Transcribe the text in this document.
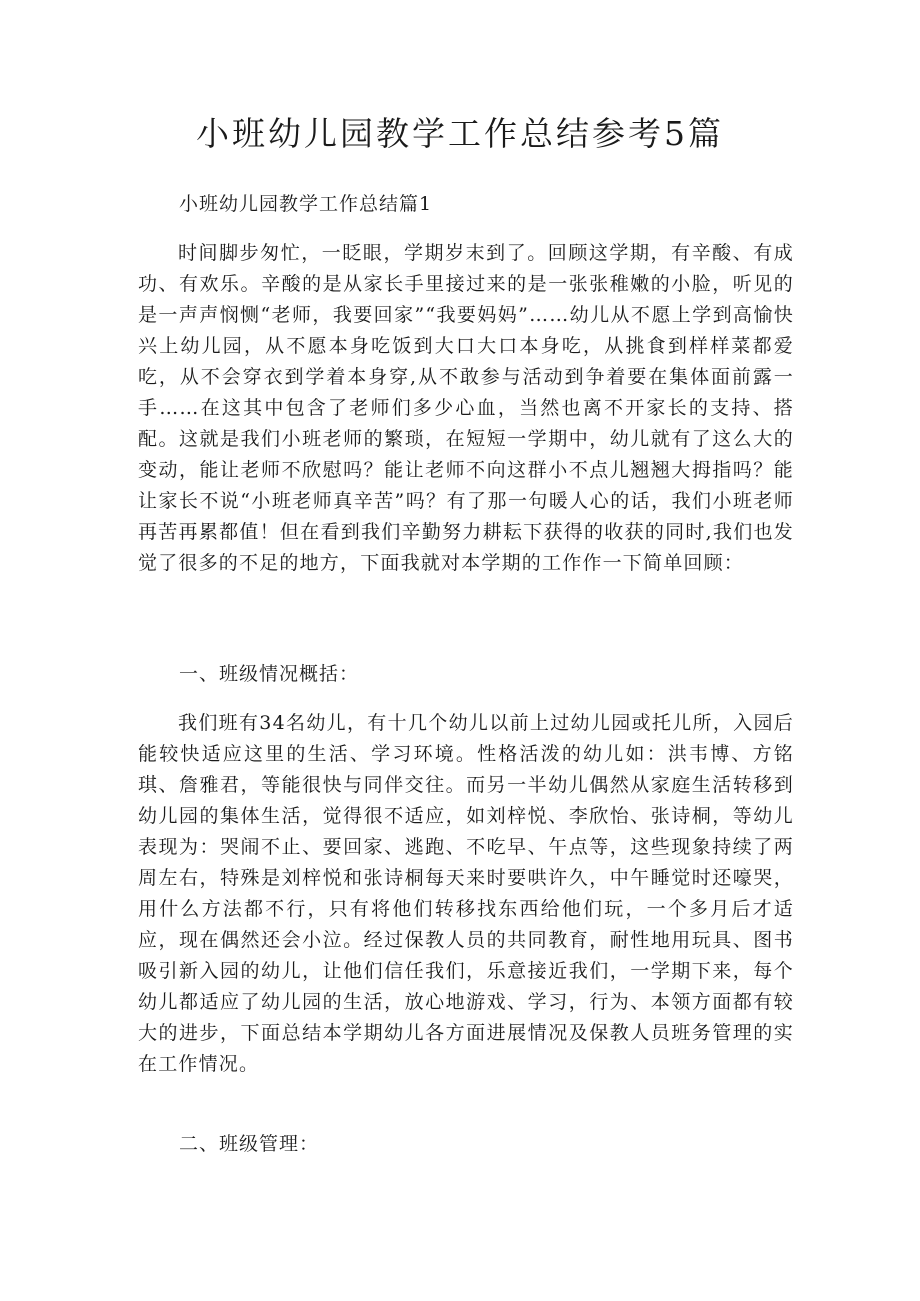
小班幼儿园教学工作总结参考5篇
小班幼儿园教学工作总结篇1

时间脚步匆忙，一眨眼，学期岁末到了。回顾这学期，有辛酸、有成功、有欢乐。辛酸的是从家长手里接过来的是一张张稚嫩的小脸，听见的是一声声悯恻“老师，我要回家”“我要妈妈”……幼儿从不愿上学到高愉快兴上幼儿园，从不愿本身吃饭到大口大口本身吃，从挑食到样样菜都爱吃，从不会穿衣到学着本身穿,从不敢参与活动到争着要在集体面前露一手……在这其中包含了老师们多少心血，当然也离不开家长的支持、搭配。这就是我们小班老师的繁琐，在短短一学期中，幼儿就有了这么大的变动，能让老师不欣慰吗？能让老师不向这群小不点儿翘翘大拇指吗？能让家长不说“小班老师真辛苦”吗？有了那一句暖人心的话，我们小班老师再苦再累都值！但在看到我们辛勤努力耕耘下获得的收获的同时,我们也发觉了很多的不足的地方，下面我就对本学期的工作作一下简单回顾：

一、班级情况概括：

我们班有34名幼儿，有十几个幼儿以前上过幼儿园或托儿所，入园后能较快适应这里的生活、学习环境。性格活泼的幼儿如：洪韦博、方铭琪、詹雅君，等能很快与同伴交往。而另一半幼儿偶然从家庭生活转移到幼儿园的集体生活，觉得很不适应，如刘梓悦、李欣怡、张诗桐，等幼儿表现为：哭闹不止、要回家、逃跑、不吃早、午点等，这些现象持续了两周左右，特殊是刘梓悦和张诗桐每天来时要哄许久，中午睡觉时还嚎哭，用什么方法都不行，只有将他们转移找东西给他们玩，一个多月后才适应，现在偶然还会小泣。经过保教人员的共同教育，耐性地用玩具、图书吸引新入园的幼儿，让他们信任我们，乐意接近我们，一学期下来，每个幼儿都适应了幼儿园的生活，放心地游戏、学习，行为、本领方面都有较大的进步，下面总结本学期幼儿各方面进展情况及保教人员班务管理的实在工作情况。

二、班级管理：
